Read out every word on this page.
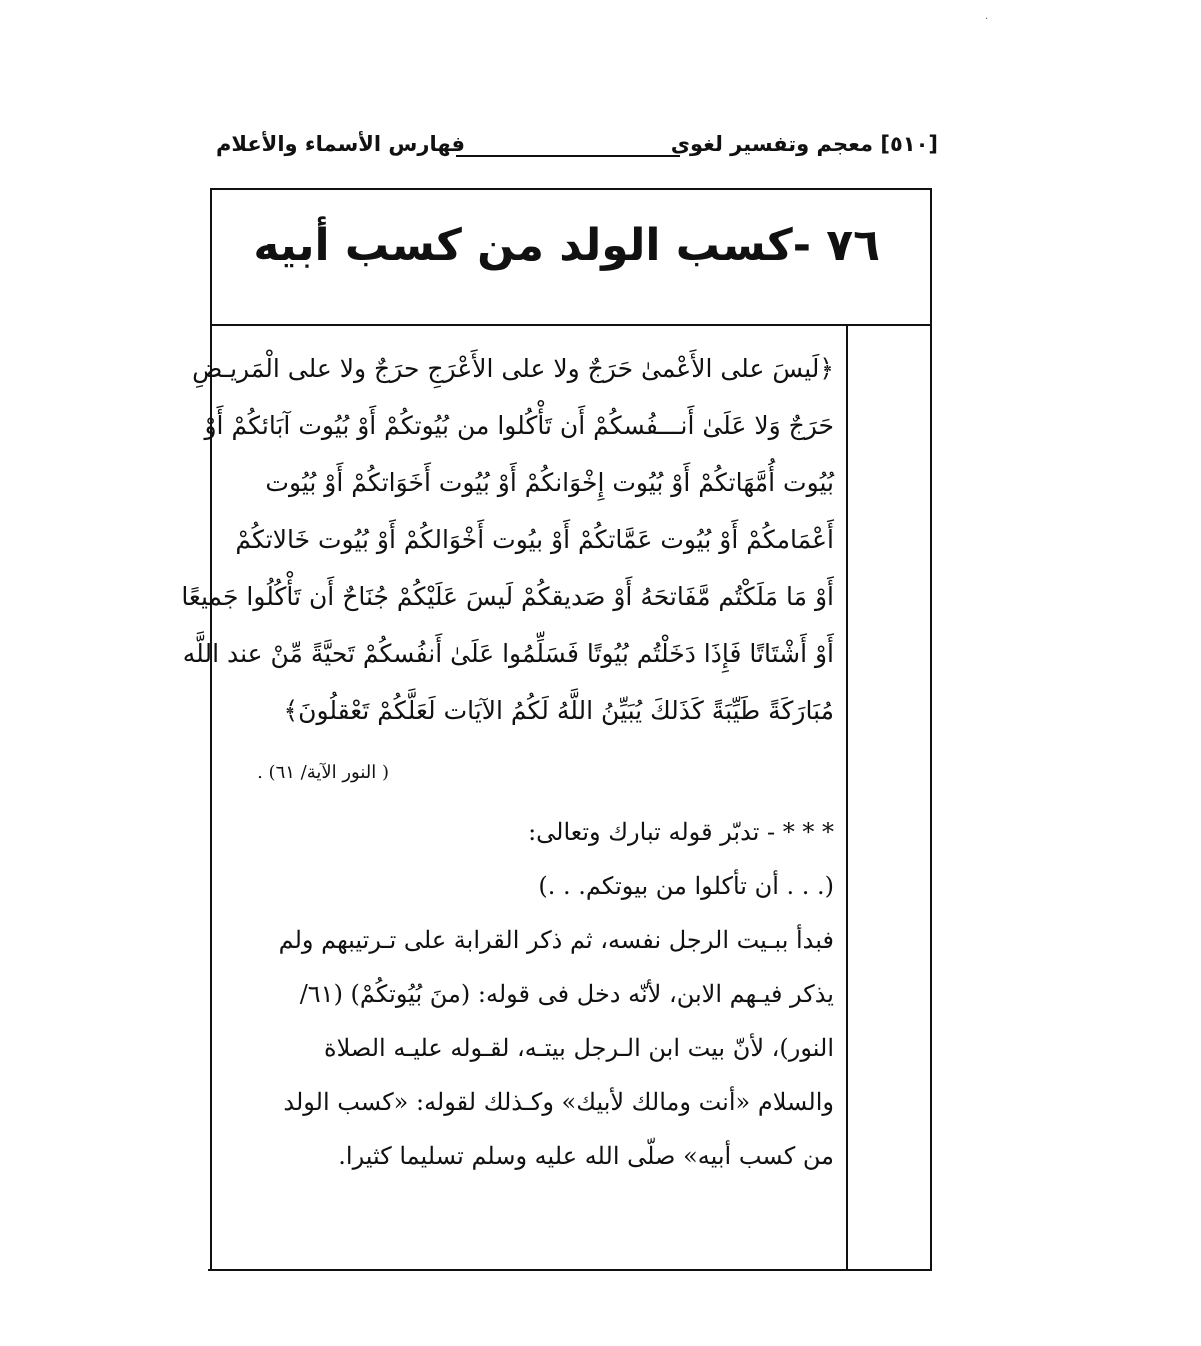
·
[٥١٠] معجم وتفسير لغوى
فهارس الأسماء والأعلام
٧٦ -كسب الولد من كسب أبيه
﴿لَيسَ على الأَعْمىٰ حَرَجٌ ولا على الأَعْرَجِ حرَجٌ ولا على الْمَريـضِ
حَرَجٌ وَلا عَلَىٰ أَنـــفُسكُمْ أَن تَأْكُلوا من بُيُوتكُمْ أَوْ بُيُوت آبَائكُمْ أَوْ
بُيُوت أُمَّهَاتكُمْ أَوْ بُيُوت إِخْوَانكُمْ أَوْ بُيُوت أَخَوَاتكُمْ أَوْ بُيُوت
أَعْمَامكُمْ أَوْ بُيُوت عَمَّاتكُمْ أَوْ بيُوت أَخْوَالكُمْ أَوْ بُيُوت خَالاتكُمْ
أَوْ مَا مَلَكْتُم مَّفَاتحَهُ أَوْ صَديقكُمْ لَيسَ عَلَيْكُمْ جُنَاحٌ أَن تَأْكُلُوا جَميعًا
أَوْ أَشْتَاتًا فَإِذَا دَخَلْتُم بُيُوتًا فَسَلِّمُوا عَلَىٰ أَنفُسكُمْ تَحيَّةً مِّنْ عند اللَّه
مُبَارَكَةً طَيِّبَةً كَذَلكَ يُبَيِّنُ اللَّهُ لَكُمُ الآيَات لَعَلَّكُمْ تَعْقلُونَ﴾
( النور الآية/ ٦١) .
* * * - تدبّر قوله تبارك وتعالى:
(. . . أن تأكلوا من بيوتكم. . .)
فبدأ ببـيت الرجل نفسه، ثم ذكر القرابة على تـرتيبهم ولم
يذكر فيـهم الابن، لأنّه دخل فى قوله: (منَ بُيُوتكُمْ) (٦١/
النور)، لأنّ بيت ابن الـرجل بيتـه، لقـوله عليـه الصلاة
والسلام «أنت ومالك لأبيك» وكـذلك لقوله: «كسب الولد
من كسب أبيه» صلّى الله عليه وسلم تسليما كثيرا.
